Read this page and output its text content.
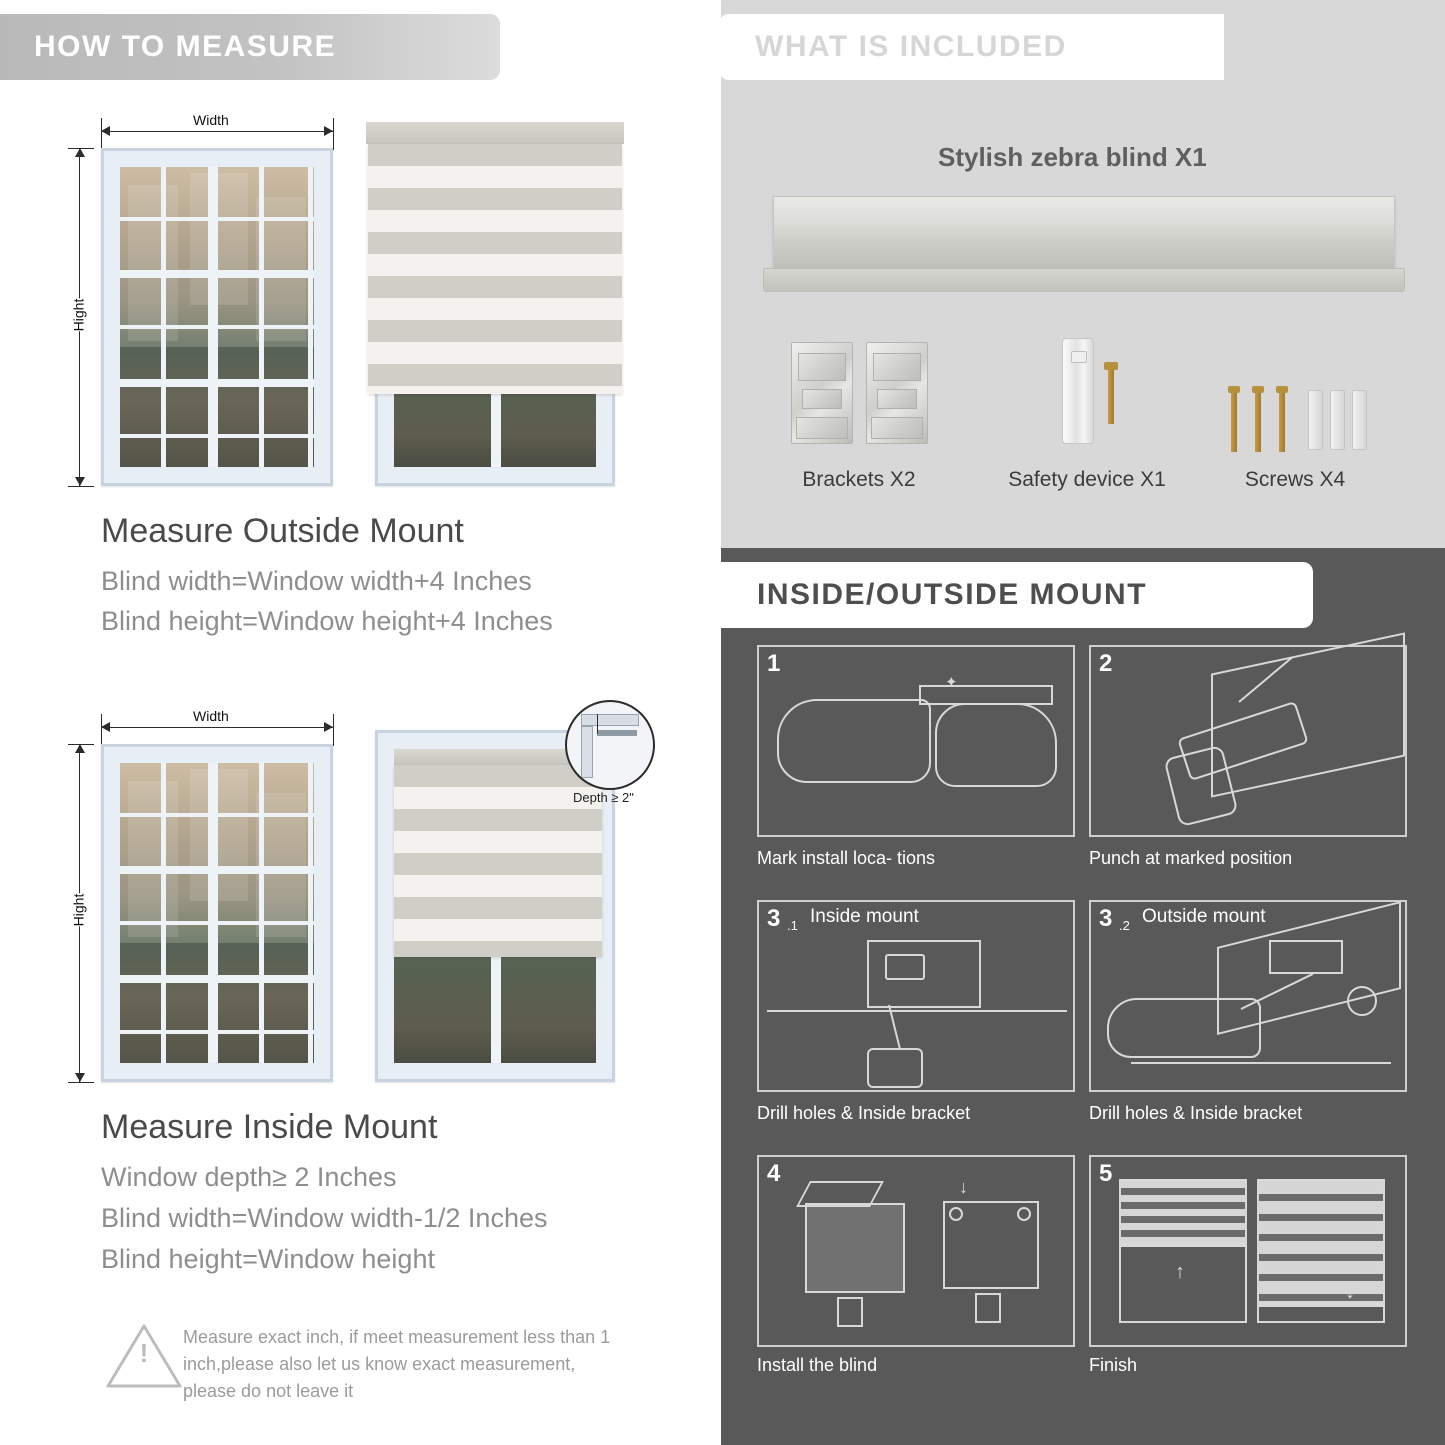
HOW TO MEASURE
Width
Hight
Measure Outside Mount
Blind width=Window width+4 Inches
Blind height=Window height+4 Inches
Width
Hight
Depth ≥ 2"
Measure Inside Mount
Window depth≥ 2 Inches
Blind width=Window width-1/2 Inches
Blind height=Window height
!
Measure exact inch, if meet measurement less than 1 inch,please also let us know exact measurement, please do not leave it
WHAT IS INCLUDED
Stylish zebra blind X1
Brackets X2	Safety device X1	Screws X4
INSIDE/OUTSIDE MOUNT
✦
1
Mark install loca- tions
2
Punch at marked position
3 .1 Inside mount
Drill holes & Inside bracket
3 .2 Outside mount
Drill holes & Inside bracket
↓
4
Install the blind
↑
↓
5
Finish
